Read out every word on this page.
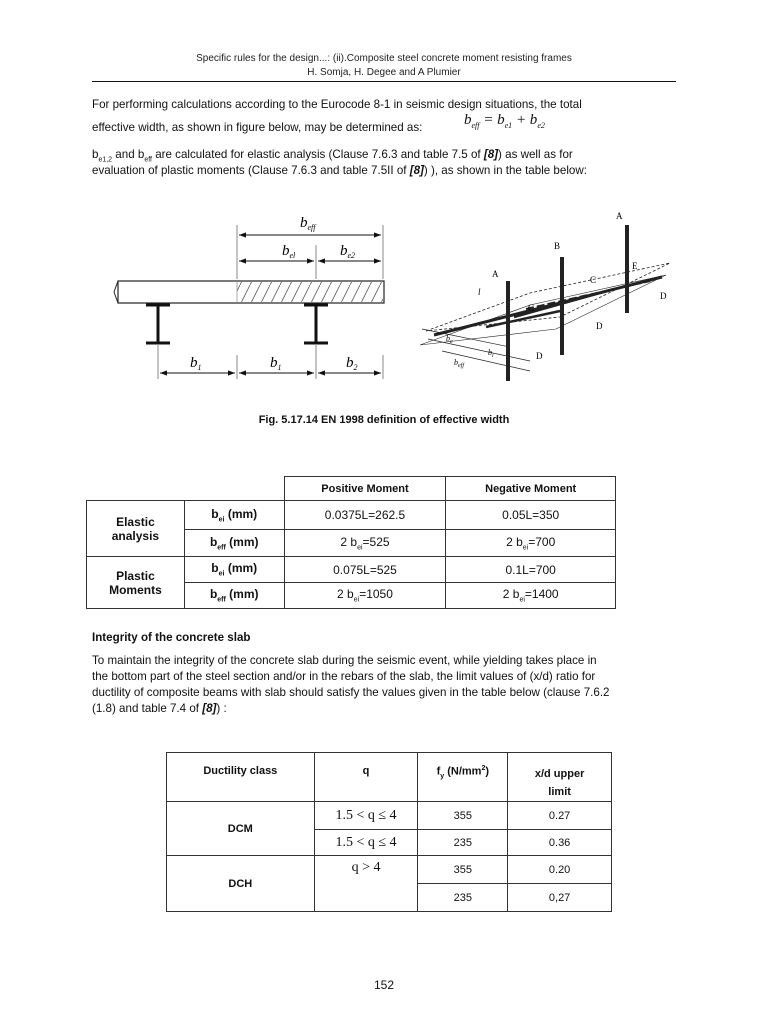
Specific rules for the design...: (ii).Composite steel concrete moment resisting frames
H. Somja, H. Degee and A Plumier
For performing calculations according to the Eurocode 8-1 in seismic design situations, the total
effective width, as shown in figure below, may be determined as:	$b_{eff} = b_{e1} + b_{e2}$
$b_{e1,2}$ and $b_{eff}$ are calculated for elastic analysis (Clause 7.6.3 and table 7.5 of [8]) as well as for
evaluation of plastic moments (Clause 7.6.3 and table 7.5II of [8]) ), as shown in the table below:
$b_{eff}$
$b_{el}$	$b_{e2}$
$b_1$	$b_1$	$b_2$
A
B
A
C
C
E
D
D
D
l
$b_e$
$b_i$
$b_{eff}$
Fig. 5.17.14 EN 1998 definition of effective width
		Positive Moment	Negative Moment
Elastic
analysis	$b_{ei}$ (mm)	0.0375L=262.5	0.05L=350
	$b_{eff}$ (mm)	2 $b_{ei}=525$	2 $b_{ei}=700$
Plastic
Moments	$b_{ei}$ (mm)	0.075L=525	0.1L=700
	$b_{eff}$ (mm)	2 $b_{ei}=1050$	2 $b_{ei}=1400$
Integrity of the concrete slab
To maintain the integrity of the concrete slab during the seismic event, while yielding takes place in
the bottom part of the steel section and/or in the rebars of the slab, the limit values of (x/d) ratio for
ductility of composite beams with slab should satisfy the values given in the table below (clause 7.6.2
(1.8) and table 7.4 of [8]) :
Ductility class	q	$f_y$ $(N/mm^2)$	x/d upper
limit
DCM	1.5 < q ≤ 4	355	0.27
	1.5 < q ≤ 4	235	0.36
DCH	q > 4	355	0.20
		235	0,27
152
